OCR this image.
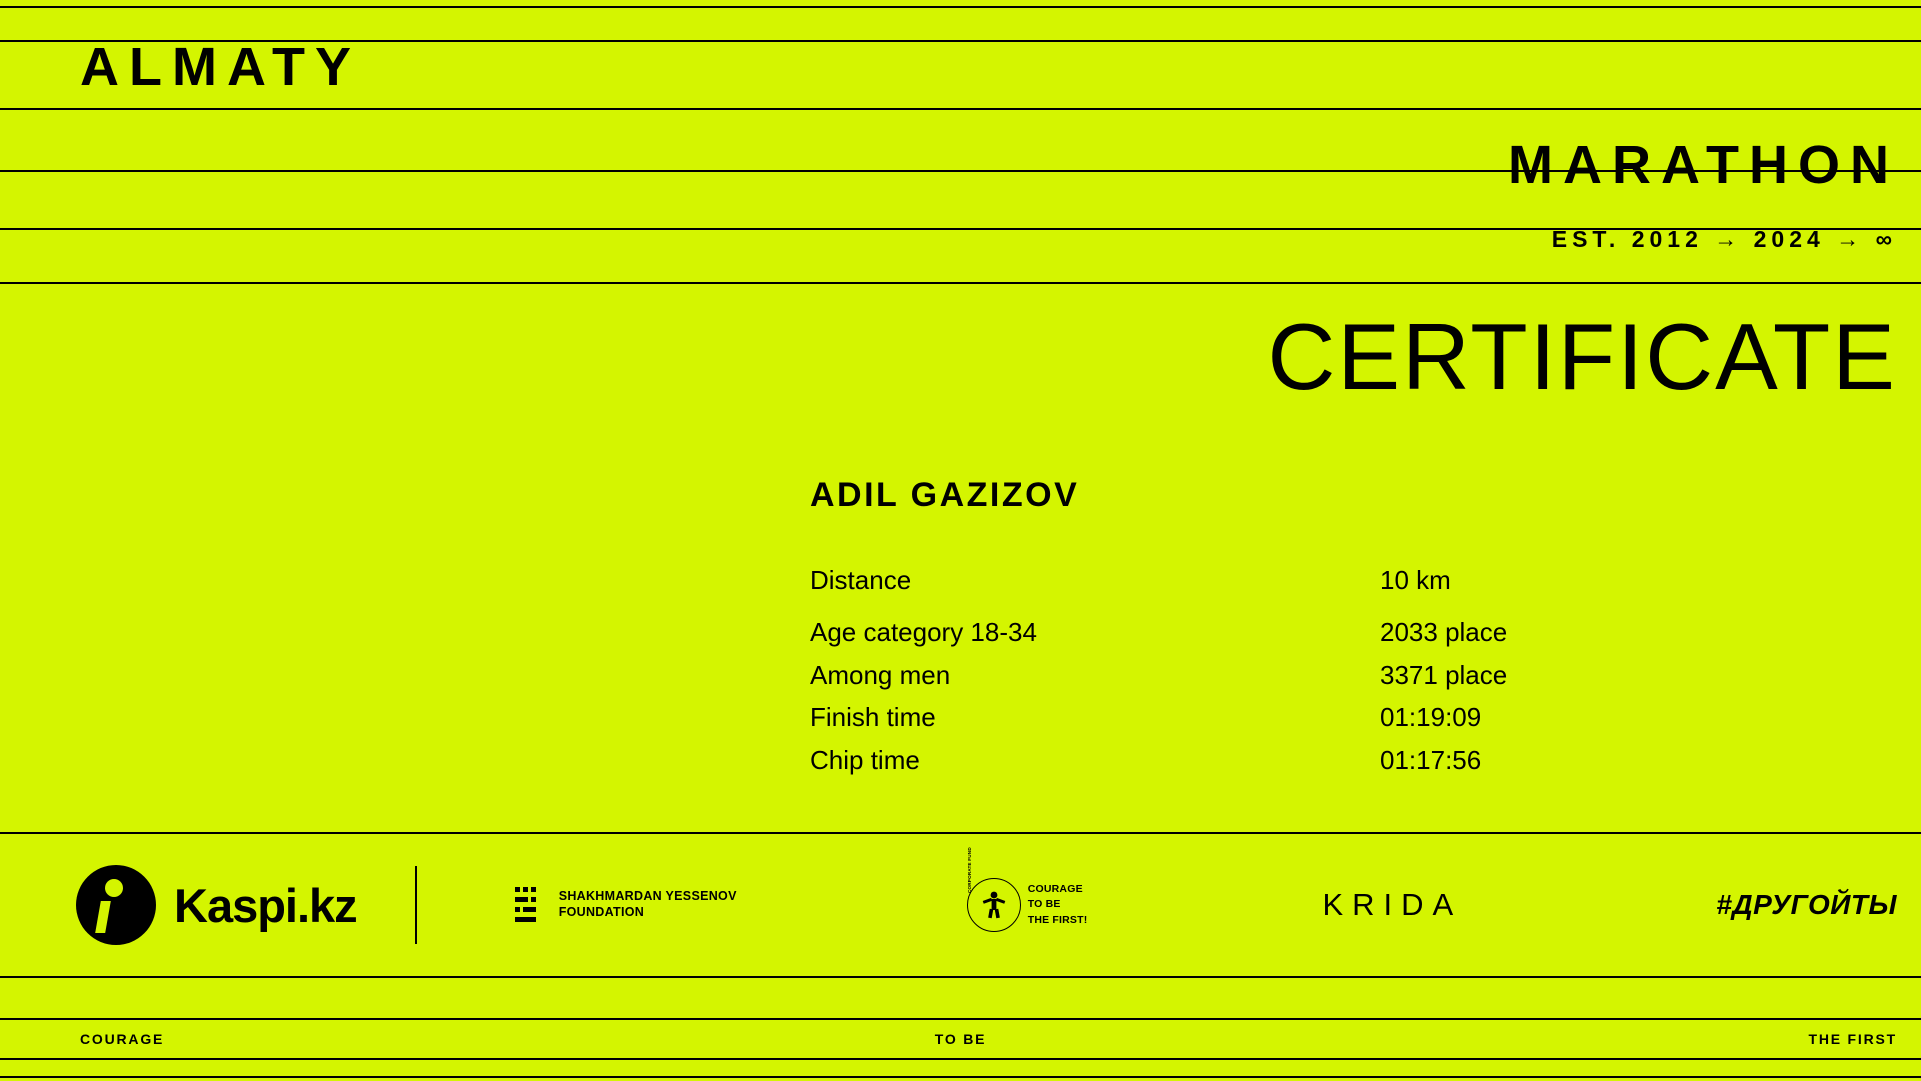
ALMATY
MARATHON
EST. 2012 → 2024 → ∞
CERTIFICATE
ADIL GAZIZOV
Distance	10 km
Age category 18-34	2033 place
Among men	3371 place
Finish time	01:19:09
Chip time	01:17:56
Kaspi.kz	SHAKHMARDAN YESSENOV
FOUNDATION
CORPORATE FUND	COURAGE
TO BE
THE FIRST!	KRIDA	#ДРУГОЙТЫ
COURAGE	TO BE	THE FIRST
